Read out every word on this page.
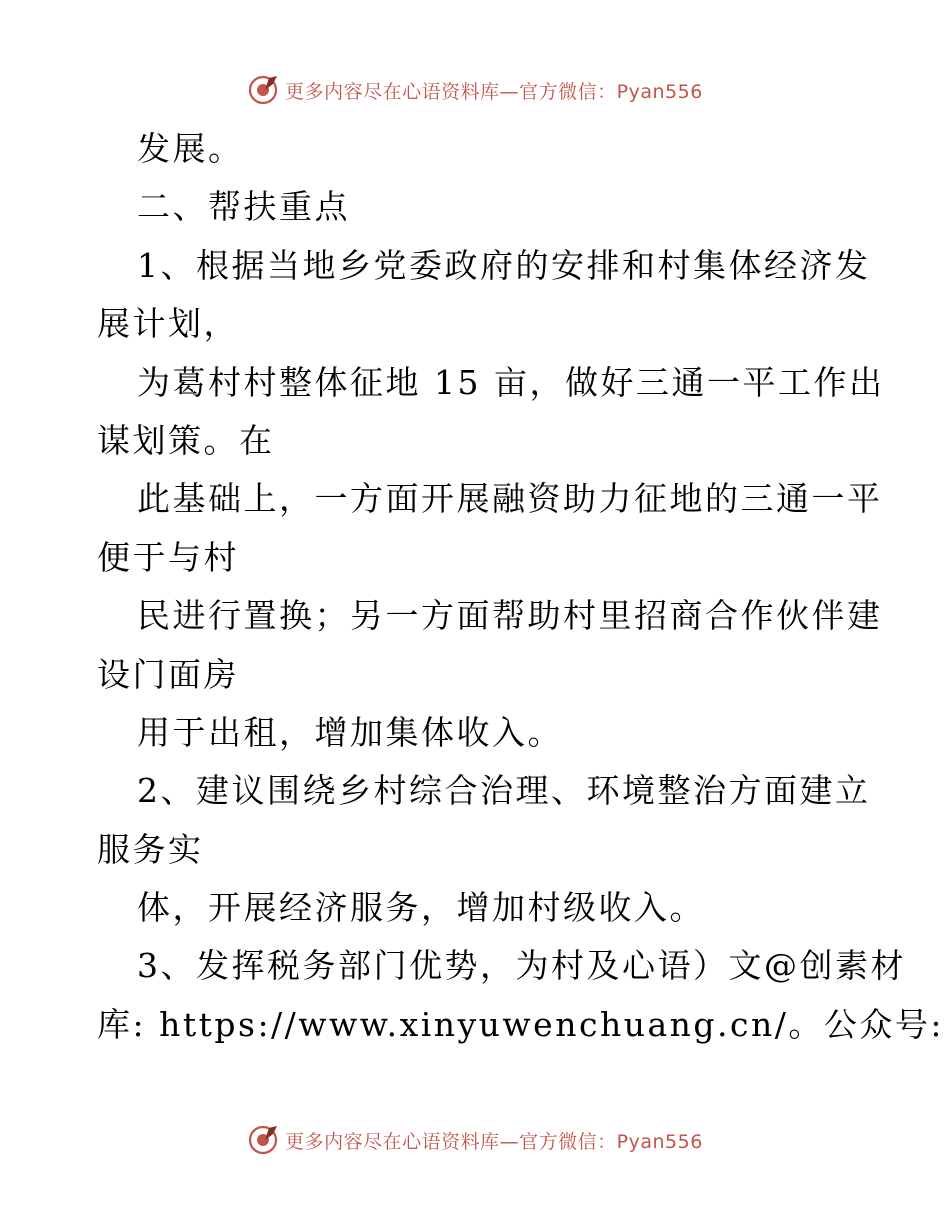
更多内容尽在心语资料库—官方微信：Pyan556
发展。
二、帮扶重点
1、根据当地乡党委政府的安排和村集体经济发
展计划，
为葛村村整体征地 15 亩，做好三通一平工作出
谋划策。在
此基础上，一方面开展融资助力征地的三通一平
便于与村
民进行置换；另一方面帮助村里招商合作伙伴建
设门面房
用于出租，增加集体收入。
2、建议围绕乡村综合治理、环境整治方面建立
服务实
体，开展经济服务，增加村级收入。
3、发挥税务部门优势，为村及心语）文@创素材
库: https://www.xinyuwenchuang.cn/。公众号:
更多内容尽在心语资料库—官方微信：Pyan556
